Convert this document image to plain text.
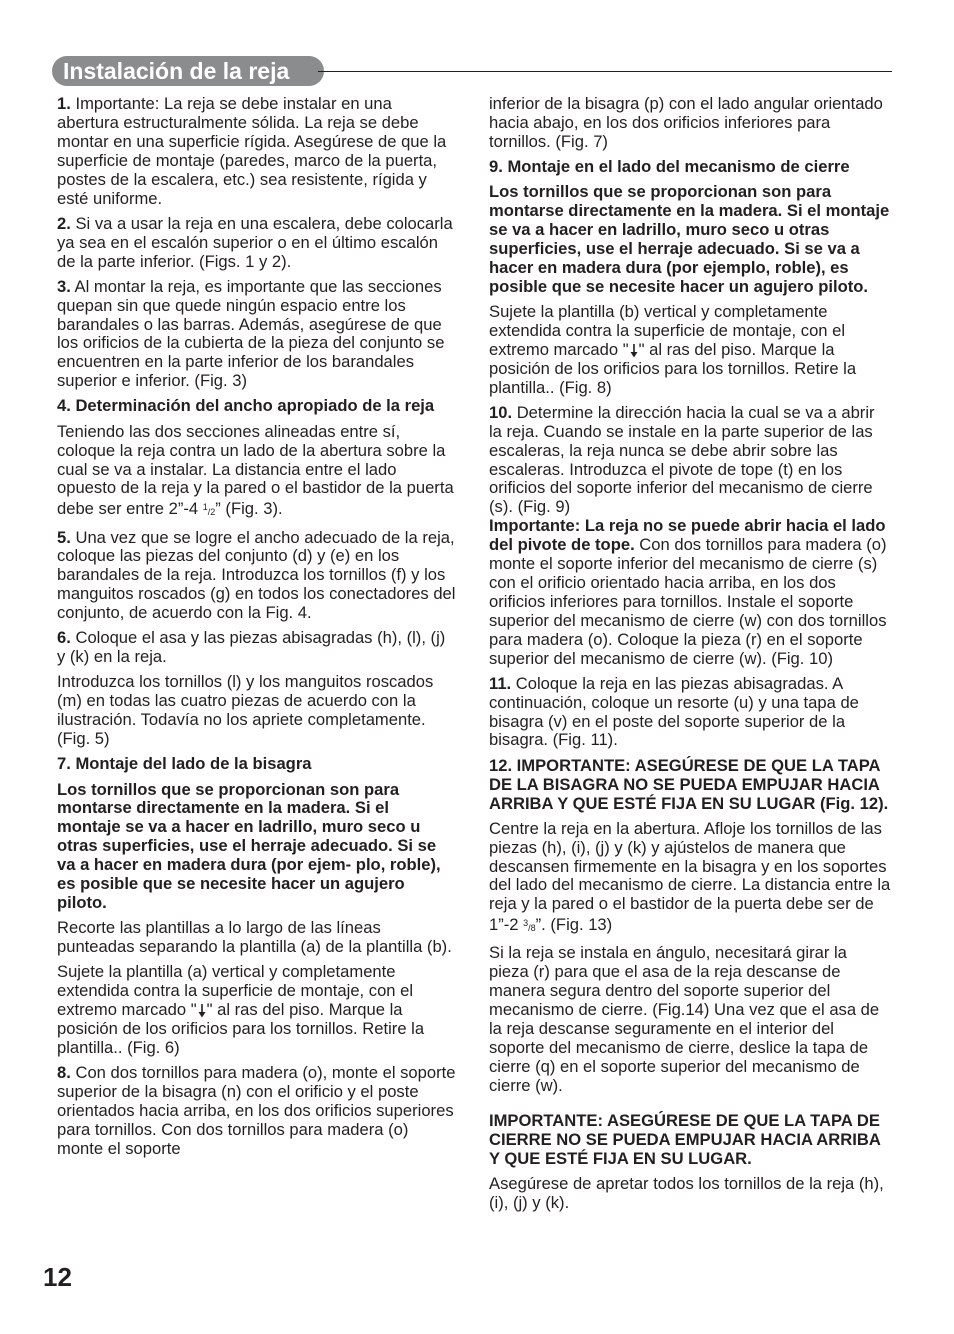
Instalación de la reja

1. Importante: La reja se debe instalar en una abertura estructuralmente sólida. La reja se debe montar en una superficie rígida. Asegúrese de que la superficie de montaje (paredes, marco de la puerta, postes de la escalera, etc.) sea resistente, rígida y esté uniforme.

2. Si va a usar la reja en una escalera, debe colocarla ya sea en el escalón superior o en el último escalón de la parte inferior. (Figs. 1 y 2).

3. Al montar la reja, es importante que las secciones quepan sin que quede ningún espacio entre los barandales o las barras. Además, asegúrese de que los orificios de la cubierta de la pieza del conjunto se encuentren en la parte inferior de los barandales superior e inferior. (Fig. 3)

4. Determinación del ancho apropiado de la reja

Teniendo las dos secciones alineadas entre sí, coloque la reja contra un lado de la abertura sobre la cual se va a instalar. La distancia entre el lado opuesto de la reja y la pared o el bastidor de la puerta debe ser entre 2”-4 $^1$/2” (Fig. 3).

5. Una vez que se logre el ancho adecuado de la reja, coloque las piezas del conjunto (d) y (e) en los barandales de la reja. Introduzca los tornillos (f) y los manguitos roscados (g) en todos los conectadores del conjunto, de acuerdo con la Fig. 4.

6. Coloque el asa y las piezas abisagradas (h), (l), (j) y (k) en la reja.

Introduzca los tornillos (l) y los manguitos roscados (m) en todas las cuatro piezas de acuerdo con la ilustración. Todavía no los apriete completamente. (Fig. 5)

7. Montaje del lado de la bisagra

Los tornillos que se proporcionan son para montarse directamente en la madera. Si el montaje se va a hacer en ladrillo, muro seco u otras superficies, use el herraje adecuado. Si se va a hacer en madera dura (por ejem- plo, roble), es posible que se necesite hacer un agujero piloto.

Recorte las plantillas a lo largo de las líneas punteadas separando la plantilla (a) de la plantilla (b).

Sujete la plantilla (a) vertical y completamente extendida contra la superficie de montaje, con el extremo marcado " " al ras del piso. Marque la posición de los orificios para los tornillos. Retire la plantilla.. (Fig. 6)

8. Con dos tornillos para madera (o), monte el soporte superior de la bisagra (n) con el orificio y el poste orientados hacia arriba, en los dos orificios superiores para tornillos. Con dos tornillos para madera (o) monte el soporte

inferior de la bisagra (p) con el lado angular orientado hacia abajo, en los dos orificios inferiores para tornillos. (Fig. 7)

9. Montaje en el lado del mecanismo de cierre

Los tornillos que se proporcionan son para montarse directamente en la madera. Si el montaje se va a hacer en ladrillo, muro seco u otras superficies, use el herraje adecuado. Si se va a hacer en madera dura (por ejemplo, roble), es posible que se necesite hacer un agujero piloto.

Sujete la plantilla (b) vertical y completamente extendida contra la superficie de montaje, con el extremo marcado " " al ras del piso. Marque la posición de los orificios para los tornillos. Retire la plantilla.. (Fig. 8)

10. Determine la dirección hacia la cual se va a abrir la reja. Cuando se instale en la parte superior de las escaleras, la reja nunca se debe abrir sobre las escaleras. Introduzca el pivote de tope (t) en los orificios del soporte inferior del mecanismo de cierre (s). (Fig. 9)
Importante: La reja no se puede abrir hacia el lado del pivote de tope. Con dos tornillos para madera (o) monte el soporte inferior del mecanismo de cierre (s) con el orificio orientado hacia arriba, en los dos orificios inferiores para tornillos. Instale el soporte superior del mecanismo de cierre (w) con dos tornillos para madera (o). Coloque la pieza (r) en el soporte superior del mecanismo de cierre (w). (Fig. 10)

11. Coloque la reja en las piezas abisagradas. A continuación, coloque un resorte (u) y una tapa de bisagra (v) en el poste del soporte superior de la bisagra. (Fig. 11).

12. IMPORTANTE: ASEGÚRESE DE QUE LA TAPA DE LA BISAGRA NO SE PUEDA EMPUJAR HACIA ARRIBA Y QUE ESTÉ FIJA EN SU LUGAR (Fig. 12).

Centre la reja en la abertura. Afloje los tornillos de las piezas (h), (i), (j) y (k) y ajústelos de manera que descansen firmemente en la bisagra y en los soportes del lado del mecanismo de cierre. La distancia entre la reja y la pared o el bastidor de la puerta debe ser de 1”-2 $^3$/8”. (Fig. 13)

Si la reja se instala en ángulo, necesitará girar la pieza (r) para que el asa de la reja descanse de manera segura dentro del soporte superior del mecanismo de cierre. (Fig.14) Una vez que el asa de la reja descanse seguramente en el interior del soporte del mecanismo de cierre, deslice la tapa de cierre (q) en el soporte superior del mecanismo de cierre (w).

IMPORTANTE: ASEGÚRESE DE QUE LA TAPA DE CIERRE NO SE PUEDA EMPUJAR HACIA ARRIBA Y QUE ESTÉ FIJA EN SU LUGAR.

Asegúrese de apretar todos los tornillos de la reja (h), (i), (j) y (k).

12
